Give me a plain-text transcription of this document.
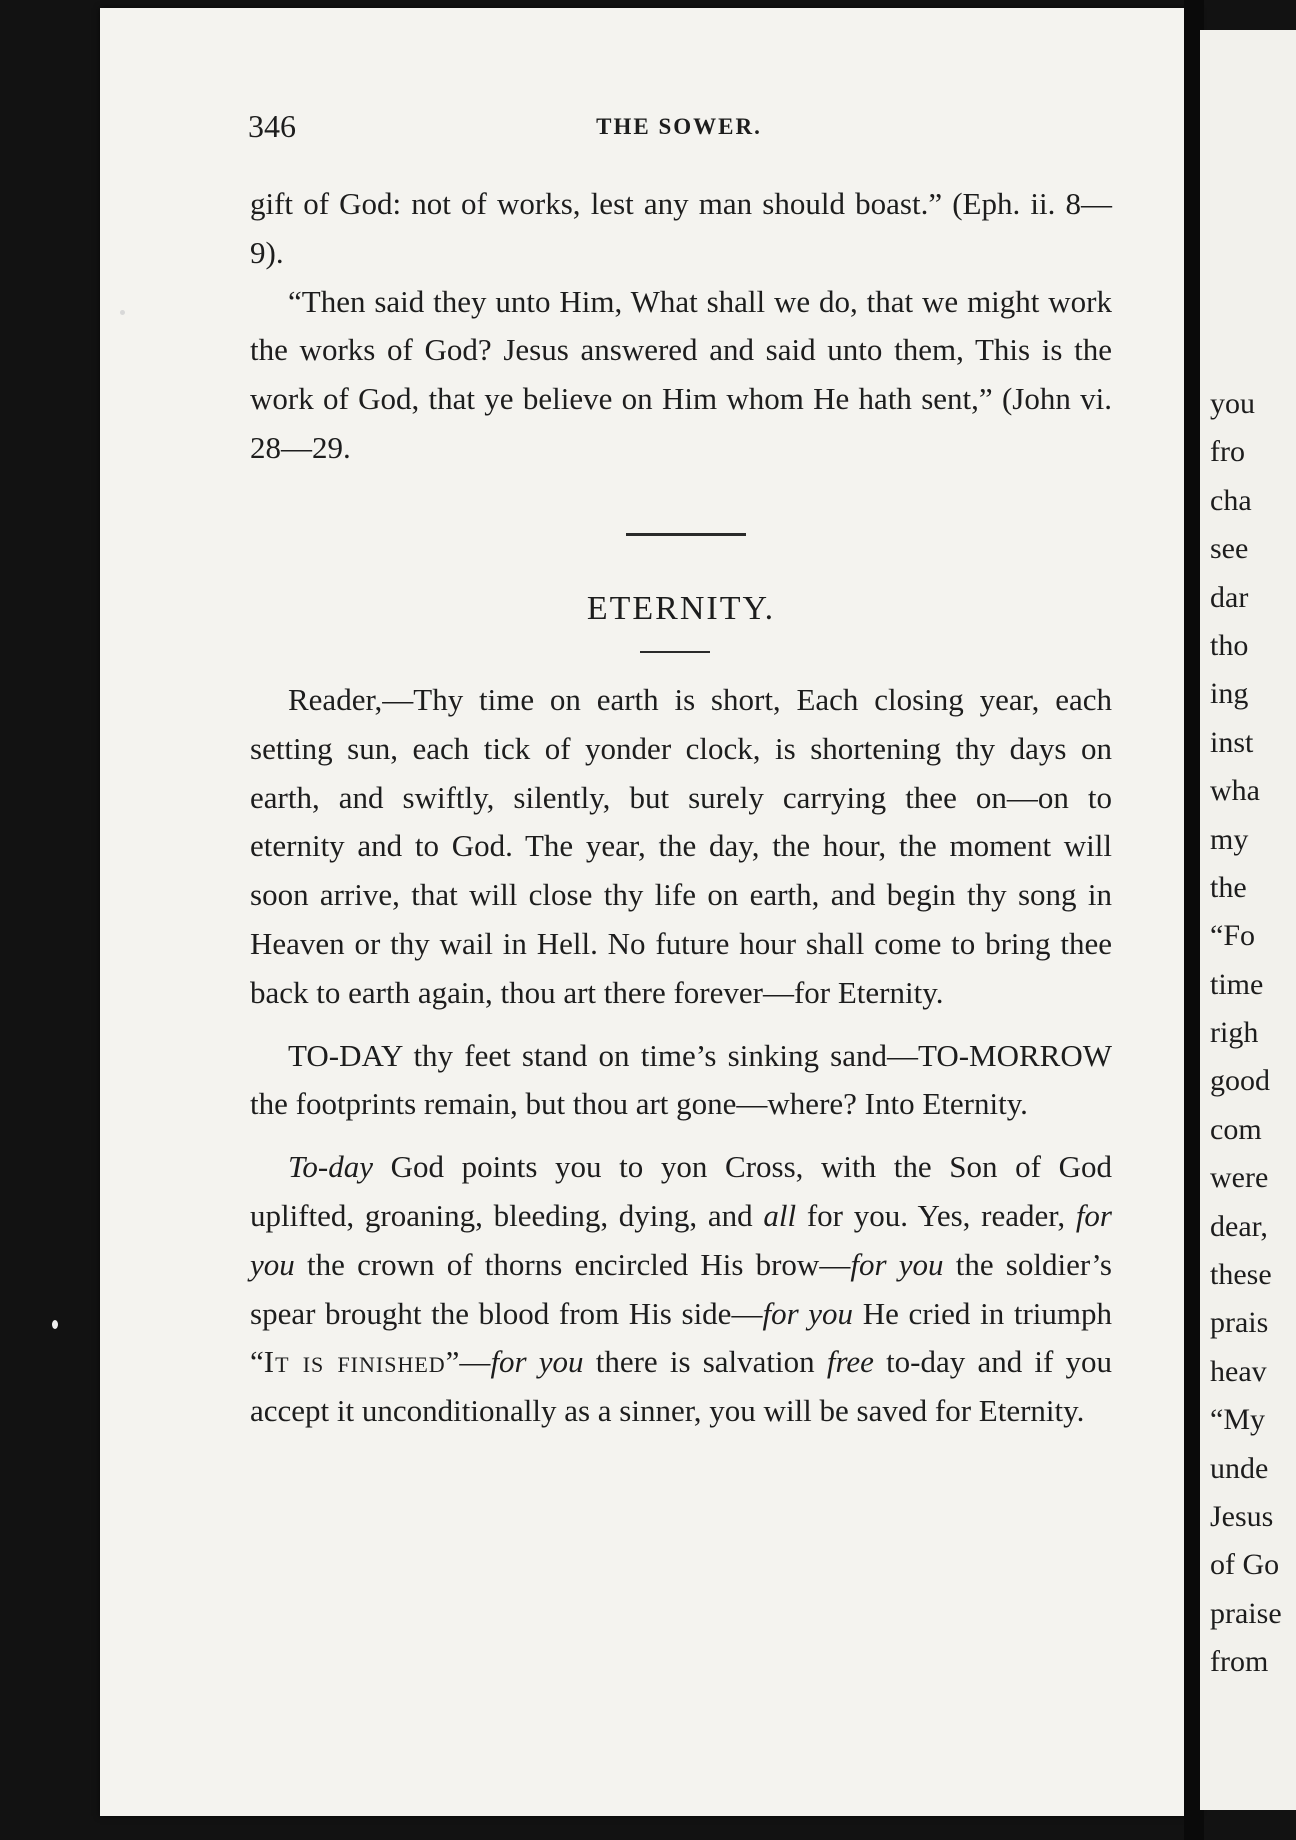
346	THE SOWER.

gift of God: not of works, lest any man should boast.” (Eph. ii. 8—9).

“Then said they unto Him, What shall we do, that we might work the works of God? Jesus answered and said unto them, This is the work of God, that ye believe on Him whom He hath sent,” (John vi. 28—29.

ETERNITY.

Reader,—Thy time on earth is short, Each closing year, each setting sun, each tick of yonder clock, is shortening thy days on earth, and swiftly, silently, but surely carrying thee on—on to eternity and to God. The year, the day, the hour, the moment will soon arrive, that will close thy life on earth, and begin thy song in Heaven or thy wail in Hell. No future hour shall come to bring thee back to earth again, thou art there forever—for Eternity.

TO-DAY thy feet stand on time’s sinking sand—TO-MORROW the footprints remain, but thou art gone—where? Into Eternity.

To-day God points you to yon Cross, with the Son of God uplifted, groaning, bleeding, dying, and all for you. Yes, reader, for you the crown of thorns encircled His brow—for you the soldier’s spear brought the blood from His side—for you He cried in triumph “It is finished”—for you there is salvation free to-day and if you accept it unconditionally as a sinner, you will be saved for Eternity.

you
fro
cha
see
dar
tho
ing
inst
wha
my
the
“Fo
time
righ
good
com
were
dear,
these
prais
heav
“My
unde
Jesus
of Go
praise
from
